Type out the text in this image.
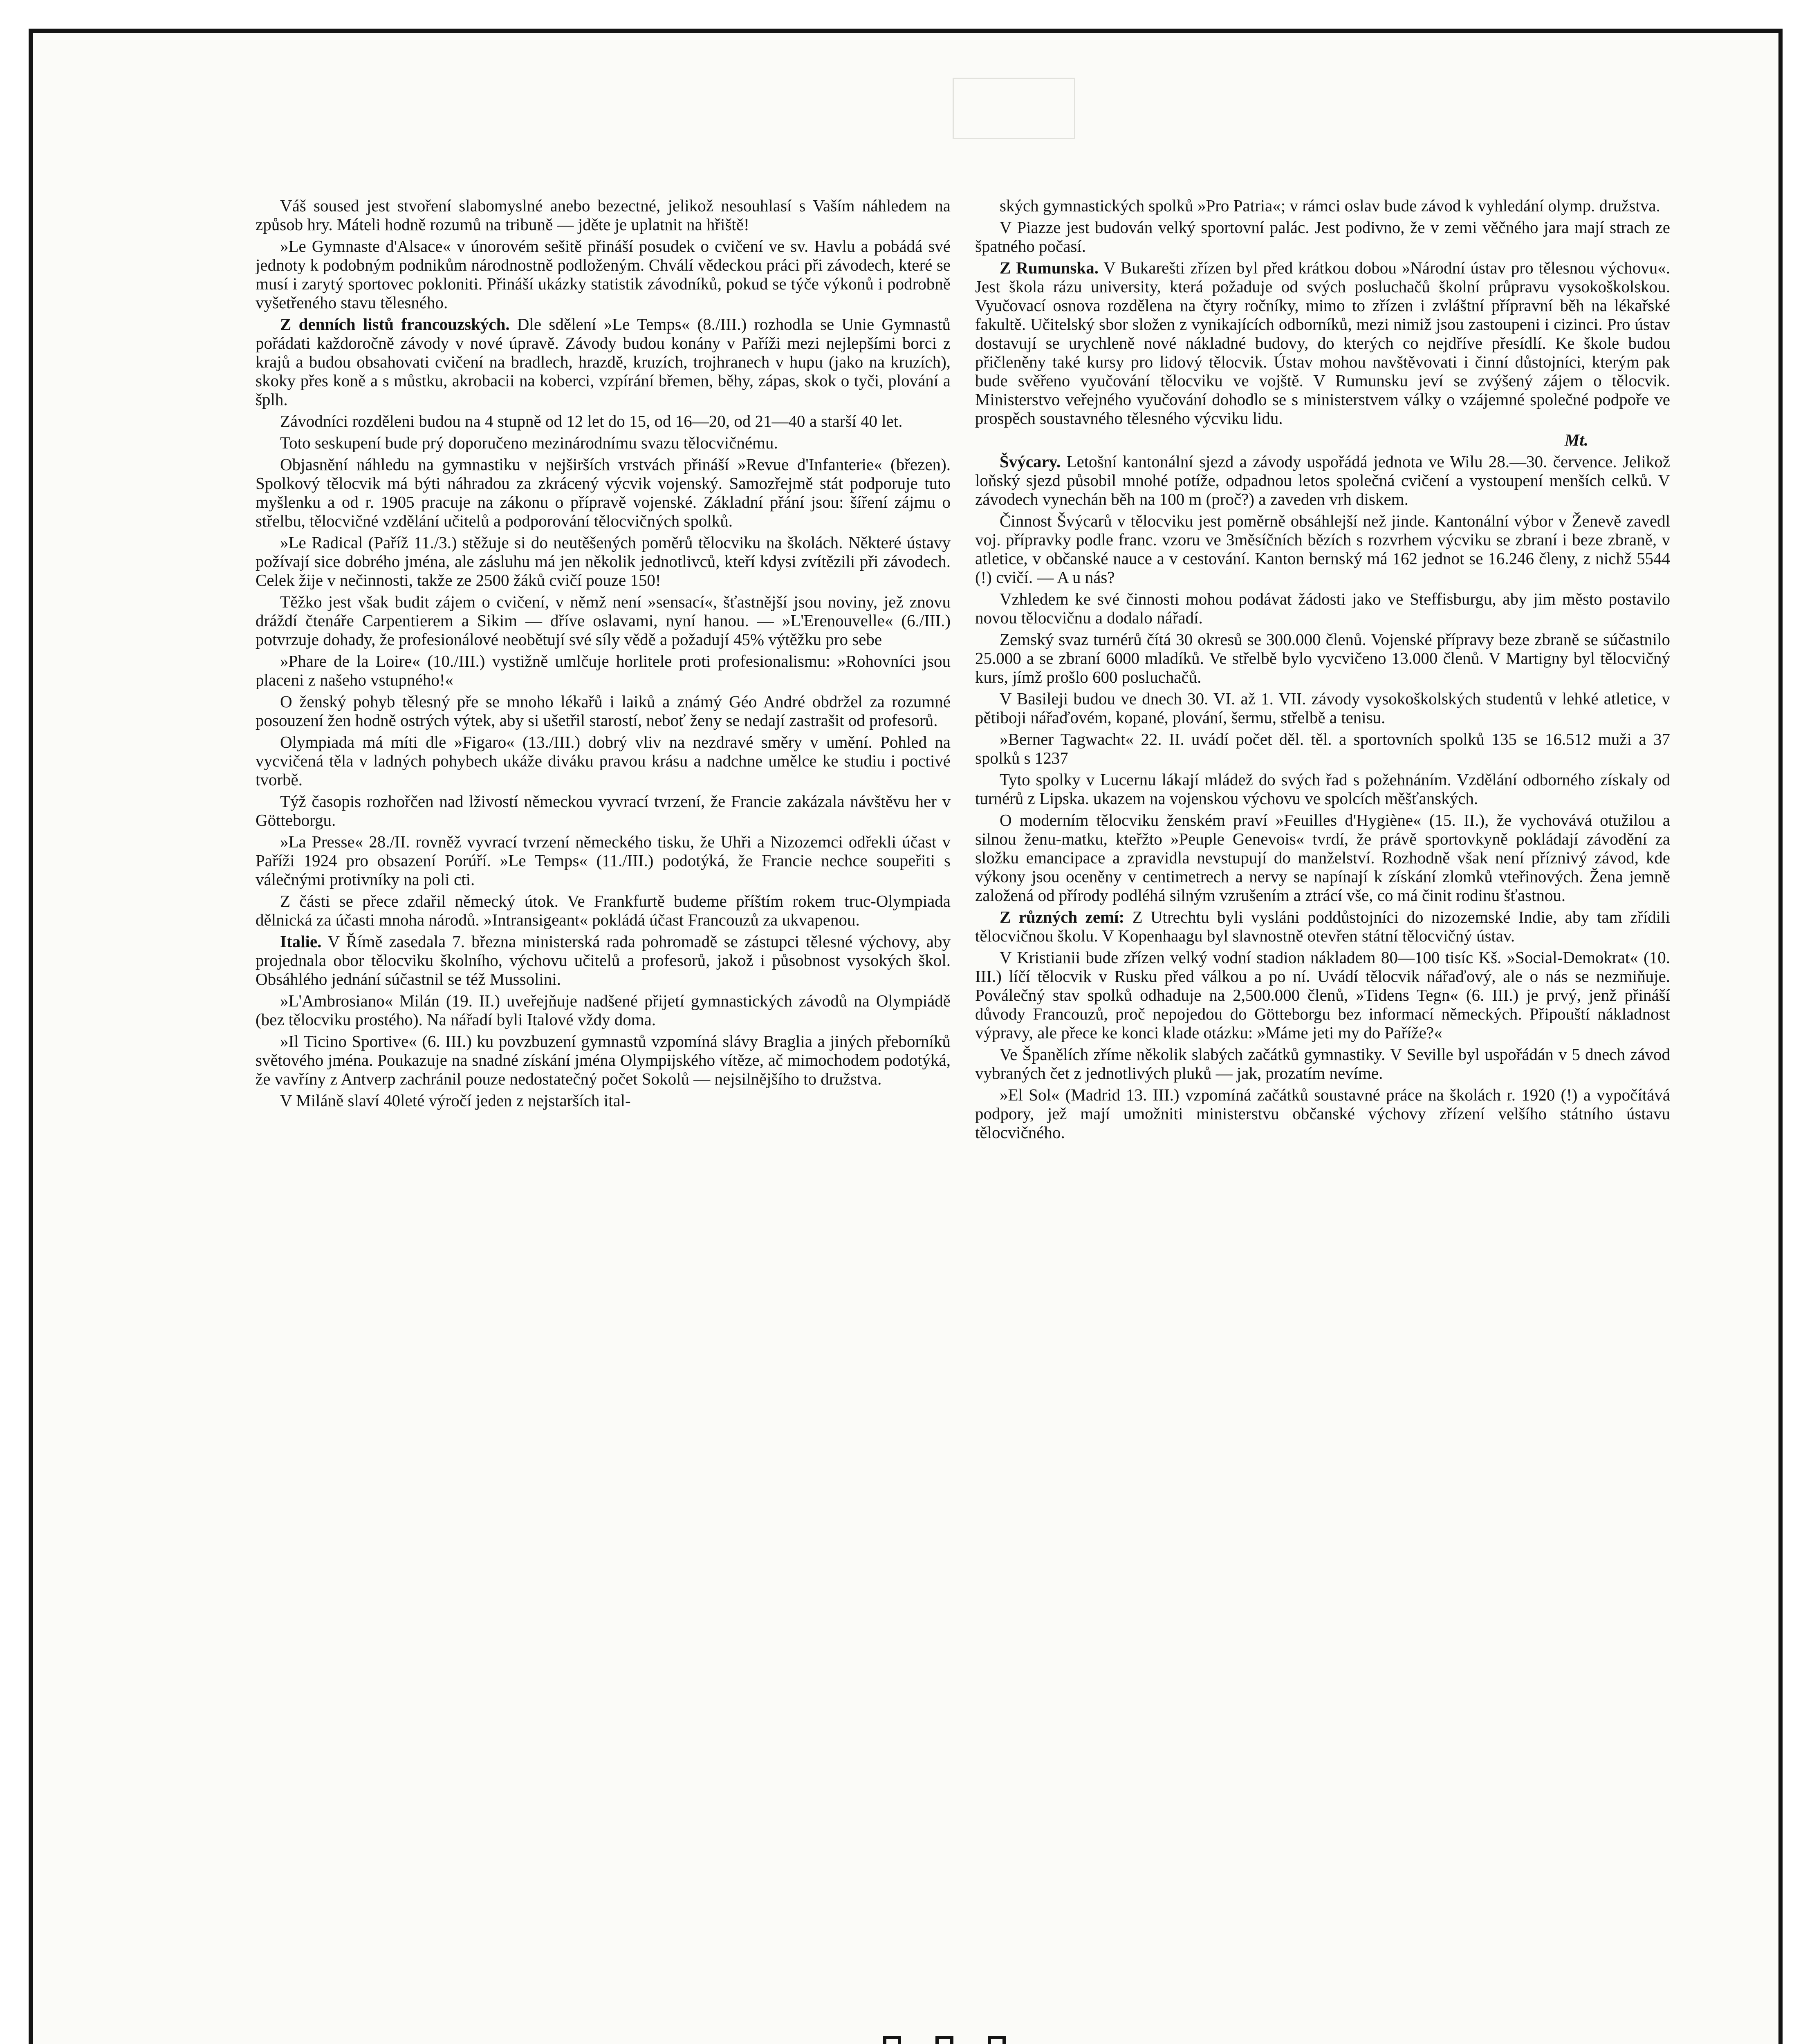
Váš soused jest stvoření slabomyslné anebo bezectné, jelikož nesouhlasí s Vaším náhledem na způsob hry. Máteli hodně rozumů na tribuně — jděte je uplatnit na hřiště!

»Le Gymnaste d'Alsace« v únorovém sešitě přináší posudek o cvičení ve sv. Havlu a pobádá své jednoty k podobným podnikům národnostně podloženým. Chválí vědeckou práci při závodech, které se musí i zarytý sportovec pokloniti. Přináší ukázky statistik závodníků, pokud se týče výkonů i podrobně vyšetřeného stavu tělesného.

Z denních listů francouzských. Dle sdělení »Le Temps« (8./III.) rozhodla se Unie Gymnastů pořádati každoročně závody v nové úpravě. Závody budou konány v Paříži mezi nejlepšími borci z krajů a budou obsahovati cvičení na bradlech, hrazdě, kruzích, trojhranech v hupu (jako na kruzích), skoky přes koně a s můstku, akrobacii na koberci, vzpírání břemen, běhy, zápas, skok o tyči, plování a šplh.

Závodníci rozděleni budou na 4 stupně od 12 let do 15, od 16—20, od 21—40 a starší 40 let.

Toto seskupení bude prý doporučeno mezinárodnímu svazu tělocvičnému.

Objasnění náhledu na gymnastiku v nejširších vrstvách přináší »Revue d'Infanterie« (březen). Spolkový tělocvik má býti náhradou za zkrácený výcvik vojenský. Samozřejmě stát podporuje tuto myšlenku a od r. 1905 pracuje na zákonu o přípravě vojenské. Základní přání jsou: šíření zájmu o střelbu, tělocvičné vzdělání učitelů a podporování tělocvičných spolků.

»Le Radical (Paříž 11./3.) stěžuje si do neutěšených poměrů tělocviku na školách. Některé ústavy požívají sice dobrého jména, ale zásluhu má jen několik jednotlivců, kteří kdysi zvítězili při závodech. Celek žije v nečinnosti, takže ze 2500 žáků cvičí pouze 150!

Těžko jest však budit zájem o cvičení, v němž není »sensací«, šťastnější jsou noviny, jež znovu dráždí čtenáře Carpentierem a Sikim — dříve oslavami, nyní hanou. — »L'Erenouvelle« (6./III.) potvrzuje dohady, že profesionálové neobětují své síly vědě a požadují 45% výtěžku pro sebe

»Phare de la Loire« (10./III.) vystižně umlčuje horlitele proti profesionalismu: »Rohovníci jsou placeni z našeho vstupného!«

O ženský pohyb tělesný pře se mnoho lékařů i laiků a známý Géo André obdržel za rozumné posouzení žen hodně ostrých výtek, aby si ušetřil starostí, neboť ženy se nedají zastrašit od profesorů.

Olympiada má míti dle »Figaro« (13./III.) dobrý vliv na nezdravé směry v umění. Pohled na vycvičená těla v ladných pohybech ukáže diváku pravou krásu a nadchne umělce ke studiu i poctivé tvorbě.

Týž časopis rozhořčen nad lživostí německou vyvrací tvrzení, že Francie zakázala návštěvu her v Götteborgu.

»La Presse« 28./II. rovněž vyvrací tvrzení německého tisku, že Uhři a Nizozemci odřekli účast v Paříži 1924 pro obsazení Porúří. »Le Temps« (11./III.) podotýká, že Francie nechce soupeřiti s válečnými protivníky na poli cti.

Z části se přece zdařil německý útok. Ve Frankfurtě budeme příštím rokem truc-Olympiada dělnická za účasti mnoha národů. »Intransigeant« pokládá účast Francouzů za ukvapenou.

Italie. V Římě zasedala 7. března ministerská rada pohromadě se zástupci tělesné výchovy, aby projednala obor tělocviku školního, výchovu učitelů a profesorů, jakož i působnost vysokých škol. Obsáhlého jednání súčastnil se též Mussolini.

»L'Ambrosiano« Milán (19. II.) uveřejňuje nadšené přijetí gymnastických závodů na Olympiádě (bez tělocviku prostého). Na nářadí byli Italové vždy doma.

»Il Ticino Sportive« (6. III.) ku povzbuzení gymnastů vzpomíná slávy Braglia a jiných přeborníků světového jména. Poukazuje na snadné získání jména Olympijského vítěze, ač mimochodem podotýká, že vavříny z Antverp zachránil pouze nedostatečný počet Sokolů — nejsilnějšího to družstva.

V Miláně slaví 40leté výročí jeden z nejstarších ital-

ských gymnastických spolků »Pro Patria«; v rámci oslav bude závod k vyhledání olymp. družstva.

V Piazze jest budován velký sportovní palác. Jest podivno, že v zemi věčného jara mají strach ze špatného počasí.

Z Rumunska. V Bukarešti zřízen byl před krátkou dobou »Národní ústav pro tělesnou výchovu«. Jest škola rázu university, která požaduje od svých posluchačů školní průpravu vysokoškolskou. Vyučovací osnova rozdělena na čtyry ročníky, mimo to zřízen i zvláštní přípravní běh na lékařské fakultě. Učitelský sbor složen z vynikajících odborníků, mezi nimiž jsou zastoupeni i cizinci. Pro ústav dostavují se urychleně nové nákladné budovy, do kterých co nejdříve přesídlí. Ke škole budou přičleněny také kursy pro lidový tělocvik. Ústav mohou navštěvovati i činní důstojníci, kterým pak bude svěřeno vyučování tělocviku ve vojště. V Rumunsku jeví se zvýšený zájem o tělocvik. Ministerstvo veřejného vyučování dohodlo se s ministerstvem války o vzájemné společné podpoře ve prospěch soustavného tělesného výcviku lidu.

Mt.

Švýcary. Letošní kantonální sjezd a závody uspořádá jednota ve Wilu 28.—30. července. Jelikož loňský sjezd působil mnohé potíže, odpadnou letos společná cvičení a vystoupení menších celků. V závodech vynechán běh na 100 m (proč?) a zaveden vrh diskem.

Činnost Švýcarů v tělocviku jest poměrně obsáhlejší než jinde. Kantonální výbor v Ženevě zavedl voj. přípravky podle franc. vzoru ve 3měsíčních bězích s rozvrhem výcviku se zbraní i beze zbraně, v atletice, v občanské nauce a v cestování. Kanton bernský má 162 jednot se 16.246 členy, z nichž 5544 (!) cvičí. — A u nás?

Vzhledem ke své činnosti mohou podávat žádosti jako ve Steffisburgu, aby jim město postavilo novou tělocvičnu a dodalo nářadí.

Zemský svaz turnérů čítá 30 okresů se 300.000 členů. Vojenské přípravy beze zbraně se súčastnilo 25.000 a se zbraní 6000 mladíků. Ve střelbě bylo vycvičeno 13.000 členů. V Martigny byl tělocvičný kurs, jímž prošlo 600 posluchačů.

V Basileji budou ve dnech 30. VI. až 1. VII. závody vysokoškolských studentů v lehké atletice, v pětiboji nářaďovém, kopané, plování, šermu, střelbě a tenisu.

»Berner Tagwacht« 22. II. uvádí počet děl. těl. a sportovních spolků 135 se 16.512 muži a 37 spolků s 1237

Tyto spolky v Lucernu lákají mládež do svých řad s požehnáním. Vzdělání odborného získaly od turnérů z Lipska. ukazem na vojenskou výchovu ve spolcích měšťanských.

O moderním tělocviku ženském praví »Feuilles d'Hygiène« (15. II.), že vychovává otužilou a silnou ženu-matku, kteřžto »Peuple Genevois« tvrdí, že právě sportovkyně pokládají závodění za složku emancipace a zpravidla nevstupují do manželství. Rozhodně však není příznivý závod, kde výkony jsou oceněny v centimetrech a nervy se napínají k získání zlomků vteřinových. Žena jemně založená od přírody podléhá silným vzrušením a ztrácí vše, co má činit rodinu šťastnou.

Z různých zemí: Z Utrechtu byli vysláni poddůstojníci do nizozemské Indie, aby tam zřídili tělocvičnou školu. V Kopenhaagu byl slavnostně otevřen státní tělocvičný ústav.

V Kristianii bude zřízen velký vodní stadion nákladem 80—100 tisíc Kš. »Social-Demokrat« (10. III.) líčí tělocvik v Rusku před válkou a po ní. Uvádí tělocvik nářaďový, ale o nás se nezmiňuje. Poválečný stav spolků odhaduje na 2,500.000 členů, »Tidens Tegn« (6. III.) je prvý, jenž přináší důvody Francouzů, proč nepojedou do Götteborgu bez informací německých. Připouští nákladnost výpravy, ale přece ke konci klade otázku: »Máme jeti my do Paříže?«

Ve Španělích zříme několik slabých začátků gymnastiky. V Seville byl uspořádán v 5 dnech závod vybraných čet z jednotlivých pluků — jak, prozatím nevíme.

»El Sol« (Madrid 13. III.) vzpomíná začátků soustavné práce na školách r. 1920 (!) a vypočítává podpory, jež mají umožniti ministerstvu občanské výchovy zřízení velšího státního ústavu tělocvičného.
